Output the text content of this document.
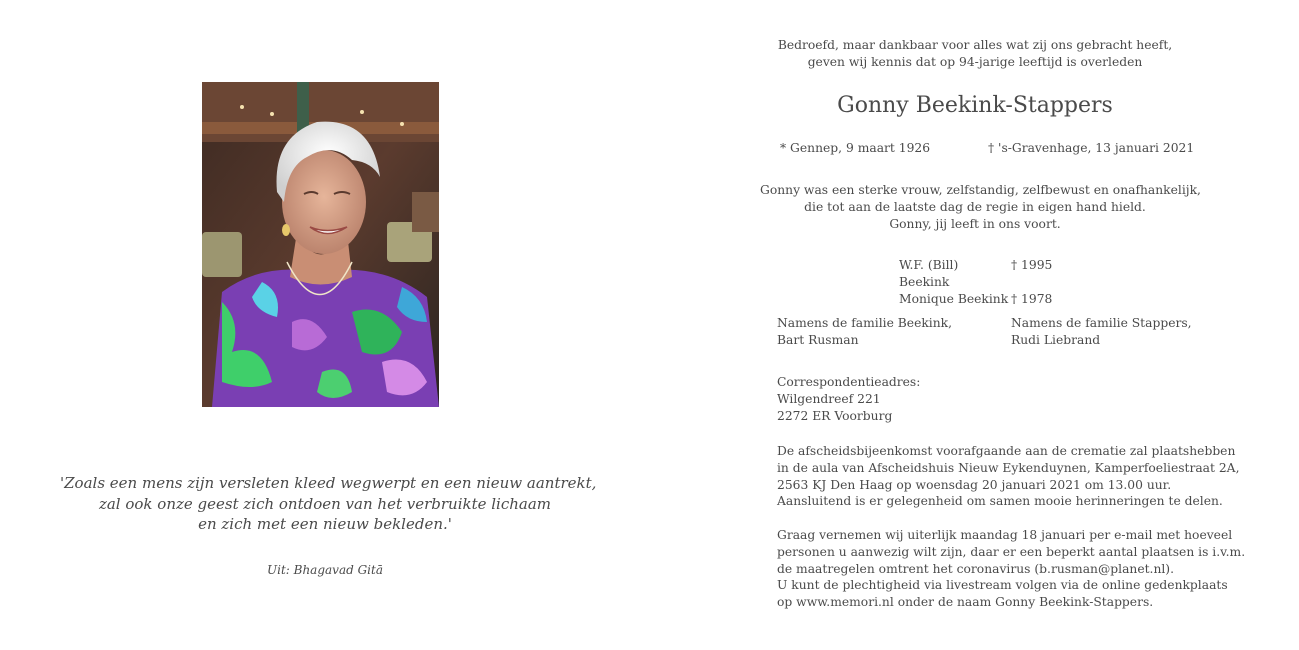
'Zoals een mens zijn versleten kleed wegwerpt en een nieuw aantrekt,
zal ook onze geest zich ontdoen van het verbruikte lichaam
en zich met een nieuw bekleden.'
Uit: Bhagavad Gitā
Bedroefd, maar dankbaar voor alles wat zij ons gebracht heeft,
geven wij kennis dat op 94-jarige leeftijd is overleden
Gonny Beekink-Stappers
* Gennep, 9 maart 1926	† 's-Gravenhage, 13 januari 2021
Gonny was een sterke vrouw, zelfstandig, zelfbewust en onafhankelijk,
die tot aan de laatste dag de regie in eigen hand hield.
Gonny, jij leeft in ons voort.
W.F. (Bill) Beekink
† 1995
Monique Beekink † 1978
Namens de familie Beekink,
Bart Rusman
Namens de familie Stappers,
Rudi Liebrand
Correspondentieadres:
Wilgendreef 221
2272 ER Voorburg
De afscheidsbijeenkomst voorafgaande aan de crematie zal plaatshebben
in de aula van Afscheidshuis Nieuw Eykenduynen, Kamperfoeliestraat 2A,
2563 KJ Den Haag op woensdag 20 januari 2021 om 13.00 uur.
Aansluitend is er gelegenheid om samen mooie herinneringen te delen.
Graag vernemen wij uiterlijk maandag 18 januari per e-mail met hoeveel
personen u aanwezig wilt zijn, daar er een beperkt aantal plaatsen is i.v.m.
de maatregelen omtrent het coronavirus (b.rusman@planet.nl).
U kunt de plechtigheid via livestream volgen via de online gedenkplaats
op www.memori.nl onder de naam Gonny Beekink-Stappers.
